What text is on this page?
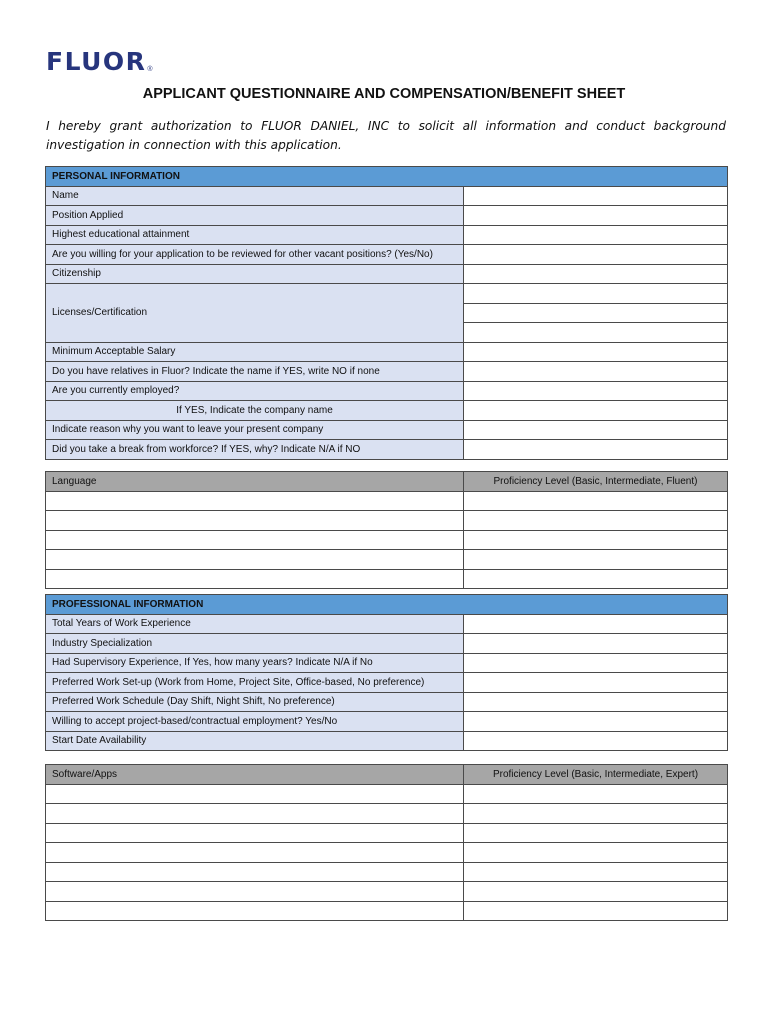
FLUOR ®
APPLICANT QUESTIONNAIRE AND COMPENSATION/BENEFIT SHEET
I hereby grant authorization to FLUOR DANIEL, INC to solicit all information and conduct background investigation in connection with this application.
PERSONAL INFORMATION	
Name	
Position Applied	
Highest educational attainment	
Are you willing for your application to be reviewed for other vacant positions? (Yes/No)	
Citizenship	
Licenses/Certification	

Minimum Acceptable Salary	
Do you have relatives in Fluor? Indicate the name if YES, write NO if none	
Are you currently employed?	
If YES, Indicate the company name	
Indicate reason why you want to leave your present company	
Did you take a break from workforce? If YES, why? Indicate N/A if NO	
Language	Proficiency Level (Basic, Intermediate, Fluent)

PROFESSIONAL INFORMATION	
Total Years of Work Experience	
Industry Specialization	
Had Supervisory Experience, If Yes, how many years? Indicate N/A if No	
Preferred Work Set-up (Work from Home, Project Site, Office-based, No preference)	
Preferred Work Schedule (Day Shift, Night Shift, No preference)	
Willing to accept project-based/contractual employment? Yes/No	
Start Date Availability	
Software/Apps	Proficiency Level (Basic, Intermediate, Expert)
